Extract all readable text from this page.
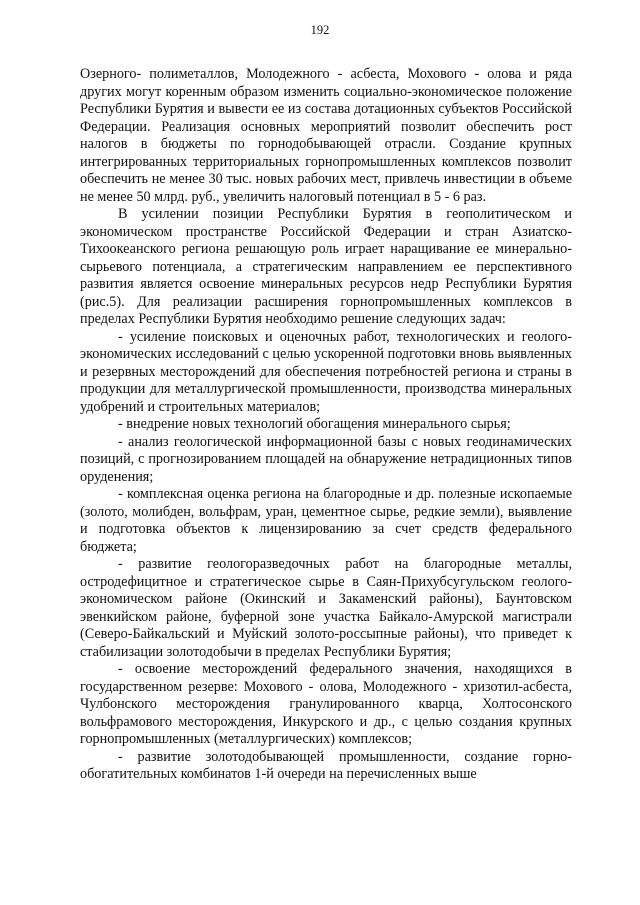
192

Озерного- полиметаллов, Молодежного - асбеста, Мохового - олова и ряда других могут коренным образом изменить социально-экономическое положение Республики Бурятия и вывести ее из состава дотационных субъектов Российской Федерации. Реализация основных мероприятий позволит обеспечить рост налогов в бюджеты по горнодобывающей отрасли. Создание крупных интегрированных территориальных горнопромышленных комплексов позволит обеспечить не менее 30 тыс. новых рабочих мест, привлечь инвестиции в объеме не менее 50 млрд. руб., увеличить налоговый потенциал в 5 - 6 раз.

В усилении позиции Республики Бурятия в геополитическом и экономическом пространстве Российской Федерации и стран Азиатско-Тихоокеанского региона решающую роль играет наращивание ее минерально-сырьевого потенциала, а стратегическим направлением ее перспективного развития является освоение минеральных ресурсов недр Республики Бурятия (рис.5). Для реализации расширения горнопромышленных комплексов в пределах Республики Бурятия необходимо решение следующих задач:

- усиление поисковых и оценочных работ, технологических и геолого-экономических исследований с целью ускоренной подготовки вновь выявленных и резервных месторождений для обеспечения потребностей региона и страны в продукции для металлургической промышленности, производства минеральных удобрений и строительных материалов;

- внедрение новых технологий обогащения минерального сырья;

- анализ геологической информационной базы с новых геодинамических позиций, с прогнозированием площадей на обнаружение нетрадиционных типов оруденения;

- комплексная оценка региона на благородные и др. полезные ископаемые (золото, молибден, вольфрам, уран, цементное сырье, редкие земли), выявление и подготовка объектов к лицензированию за счет средств федерального бюджета;

- развитие геологоразведочных работ на благородные металлы, остродефицитное и стратегическое сырье в Саян-Прихубсугульском геолого-экономическом районе (Окинский и Закаменский районы), Баунтовском эвенкийском районе, буферной зоне участка Байкало-Амурской магистрали (Северо-Байкальский и Муйский золото-россыпные районы), что приведет к стабилизации золотодобычи в пределах Республики Бурятия;

- освоение месторождений федерального значения, находящихся в государственном резерве: Мохового - олова, Молодежного - хризотил-асбеста, Чулбонского месторождения гранулированного кварца, Холтосонского вольфрамового месторождения, Инкурского и др., с целью создания крупных горнопромышленных (металлургических) комплексов;

- развитие золотодобывающей промышленности, создание горно-обогатительных комбинатов 1-й очереди на перечисленных выше
